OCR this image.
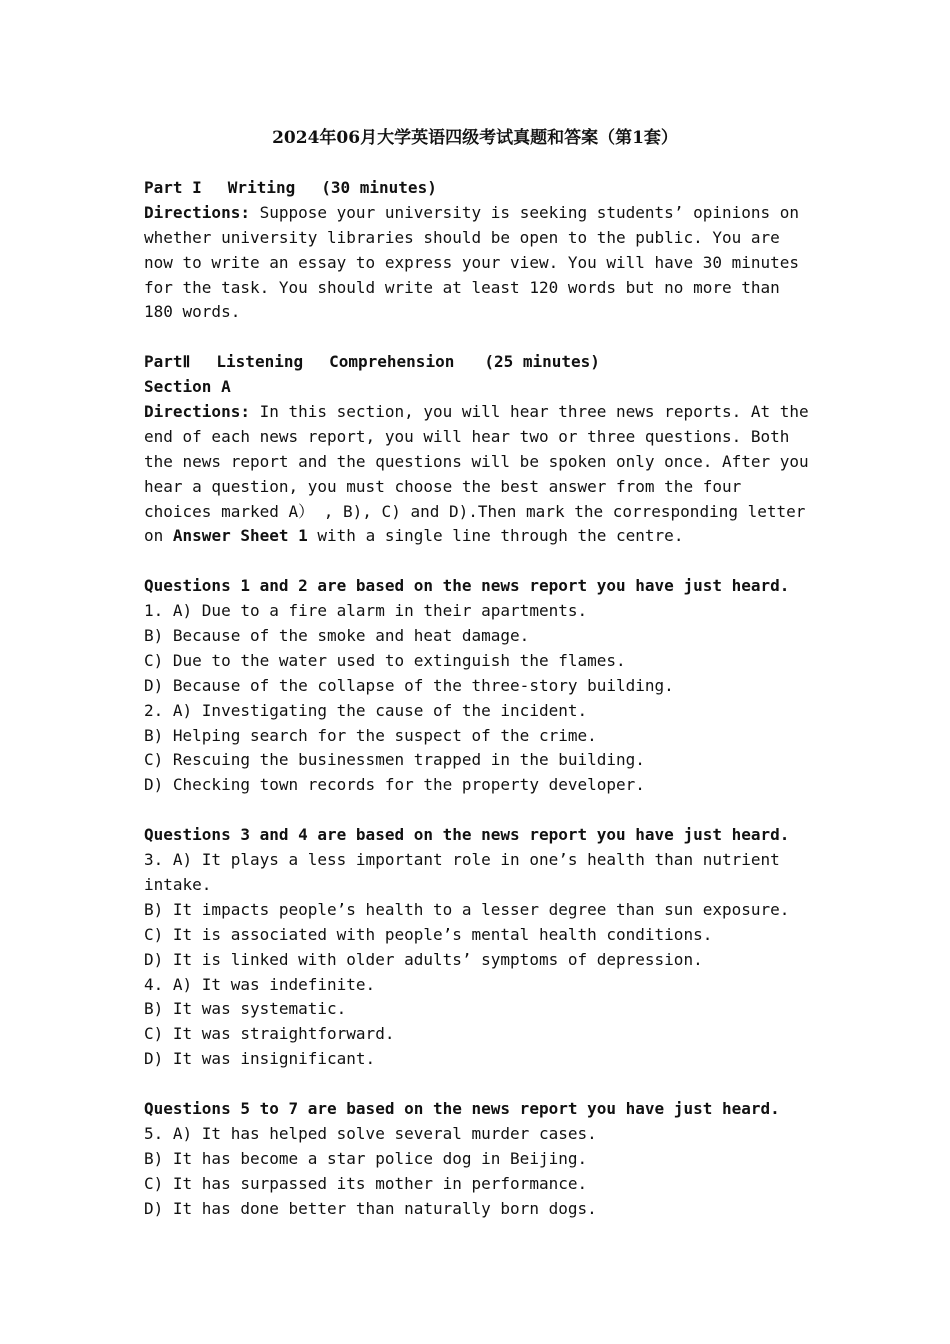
2024年06月大学英语四级考试真题和答案（第1套）
Part I Writing (30 minutes)
Directions: Suppose your university is seeking students’ opinions on
whether university libraries should be open to the public. You are
now to write an essay to express your view. You will have 30 minutes
for the task. You should write at least 120 words but no more than
180 words.
PartⅡ Listening Comprehension (25 minutes)
Section A
Directions: In this section, you will hear three news reports. At the
end of each news report, you will hear two or three questions. Both
the news report and the questions will be spoken only once. After you
hear a question, you must choose the best answer from the four
choices marked A） , B), C) and D).Then mark the corresponding letter
on Answer Sheet 1 with a single line through the centre.
Questions 1 and 2 are based on the news report you have just heard.
1. A) Due to a fire alarm in their apartments.
B) Because of the smoke and heat damage.
C) Due to the water used to extinguish the flames.
D) Because of the collapse of the three-story building.
2. A) Investigating the cause of the incident.
B) Helping search for the suspect of the crime.
C) Rescuing the businessmen trapped in the building.
D) Checking town records for the property developer.
Questions 3 and 4 are based on the news report you have just heard.
3. A) It plays a less important role in one’s health than nutrient
intake.
B) It impacts people’s health to a lesser degree than sun exposure.
C) It is associated with people’s mental health conditions.
D) It is linked with older adults’ symptoms of depression.
4. A) It was indefinite.
B) It was systematic.
C) It was straightforward.
D) It was insignificant.
Questions 5 to 7 are based on the news report you have just heard.
5. A) It has helped solve several murder cases.
B) It has become a star police dog in Beijing.
C) It has surpassed its mother in performance.
D) It has done better than naturally born dogs.
